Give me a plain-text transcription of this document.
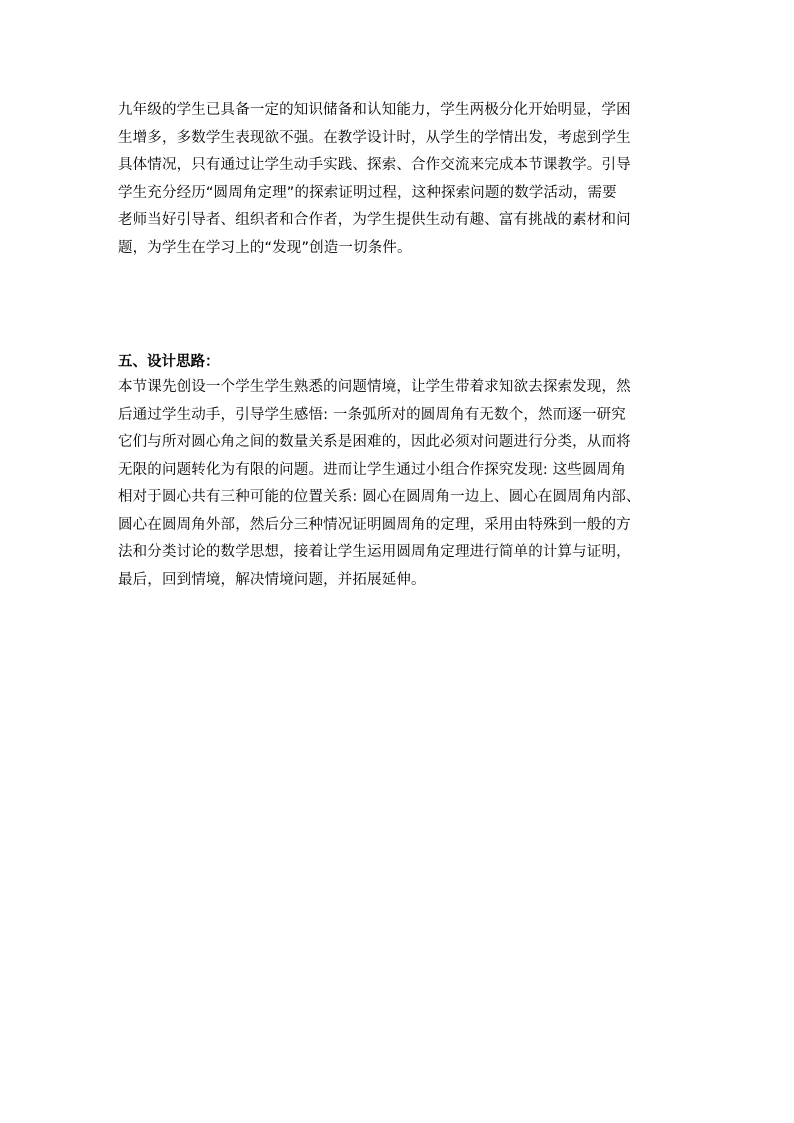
九年级的学生已具备一定的知识储备和认知能力，学生两极分化开始明显，学困
生增多，多数学生表现欲不强。在教学设计时，从学生的学情出发，考虑到学生
具体情况，只有通过让学生动手实践、探索、合作交流来完成本节课教学。引导
学生充分经历“圆周角定理”的探索证明过程，这种探索问题的数学活动，需要
老师当好引导者、组织者和合作者，为学生提供生动有趣、富有挑战的素材和问
题，为学生在学习上的“发现”创造一切条件。
五、设计思路：
本节课先创设一个学生学生熟悉的问题情境，让学生带着求知欲去探索发现，然
后通过学生动手，引导学生感悟: 一条弧所对的圆周角有无数个，然而逐一研究
它们与所对圆心角之间的数量关系是困难的，因此必须对问题进行分类，从而将
无限的问题转化为有限的问题。进而让学生通过小组合作探究发现: 这些圆周角
相对于圆心共有三种可能的位置关系: 圆心在圆周角一边上、圆心在圆周角内部、
圆心在圆周角外部，然后分三种情况证明圆周角的定理，采用由特殊到一般的方
法和分类讨论的数学思想，接着让学生运用圆周角定理进行简单的计算与证明，
最后，回到情境，解决情境问题，并拓展延伸。
